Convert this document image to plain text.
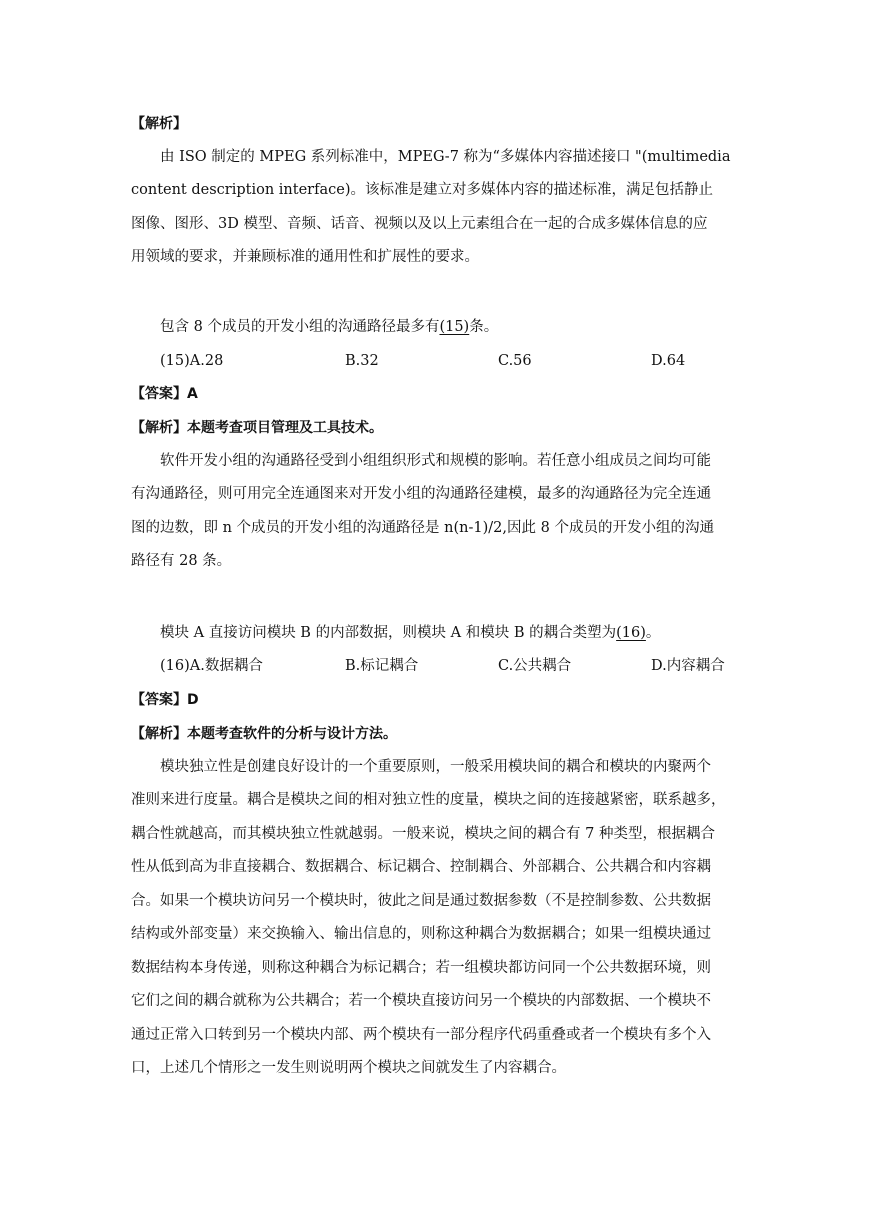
【解析】
由 ISO 制定的 MPEG 系列标准中，MPEG-7 称为“多媒体内容描述接口 "(multimedia
content description interface)。该标准是建立对多媒体内容的描述标准，满足包括静止
图像、图形、3D 模型、音频、话音、视频以及以上元素组合在一起的合成多媒体信息的应
用领域的要求，并兼顾标准的通用性和扩展性的要求。
包含 8 个成员的开发小组的沟通路径最多有(15)条。
(15)A.28	B.32	C.56	D.64
【答案】A
【解析】本题考查项目管理及工具技术。
软件开发小组的沟通路径受到小组组织形式和规模的影响。若任意小组成员之间均可能
有沟通路径，则可用完全连通图来对开发小组的沟通路径建模，最多的沟通路径为完全连通
图的边数，即 n 个成员的开发小组的沟通路径是 n(n-1)/2,因此 8 个成员的开发小组的沟通
路径有 28 条。
模块 A 直接访问模块 B 的内部数据，则模块 A 和模块 B 的耦合类塑为(16)。
(16)A.数据耦合	B.标记耦合	C.公共耦合	D.内容耦合
【答案】D
【解析】本题考查软件的分析与设计方法。
模块独立性是创建良好设计的一个重要原则，一般采用模块间的耦合和模块的内聚两个
准则来进行度量。耦合是模块之间的相对独立性的度量，模块之间的连接越紧密，联系越多，
耦合性就越高，而其模块独立性就越弱。一般来说，模块之间的耦合有 7 种类型，根据耦合
性从低到高为非直接耦合、数据耦合、标记耦合、控制耦合、外部耦合、公共耦合和内容耦
合。如果一个模块访问另一个模块时，彼此之间是通过数据参数（不是控制参数、公共数据
结构或外部变量）来交换输入、输出信息的，则称这种耦合为数据耦合；如果一组模块通过
数据结构本身传递，则称这种耦合为标记耦合；若一组模块都访问同一个公共数据环境，则
它们之间的耦合就称为公共耦合；若一个模块直接访问另一个模块的内部数据、一个模块不
通过正常入口转到另一个模块内部、两个模块有一部分程序代码重叠或者一个模块有多个入
口，上述几个情形之一发生则说明两个模块之间就发生了内容耦合。
